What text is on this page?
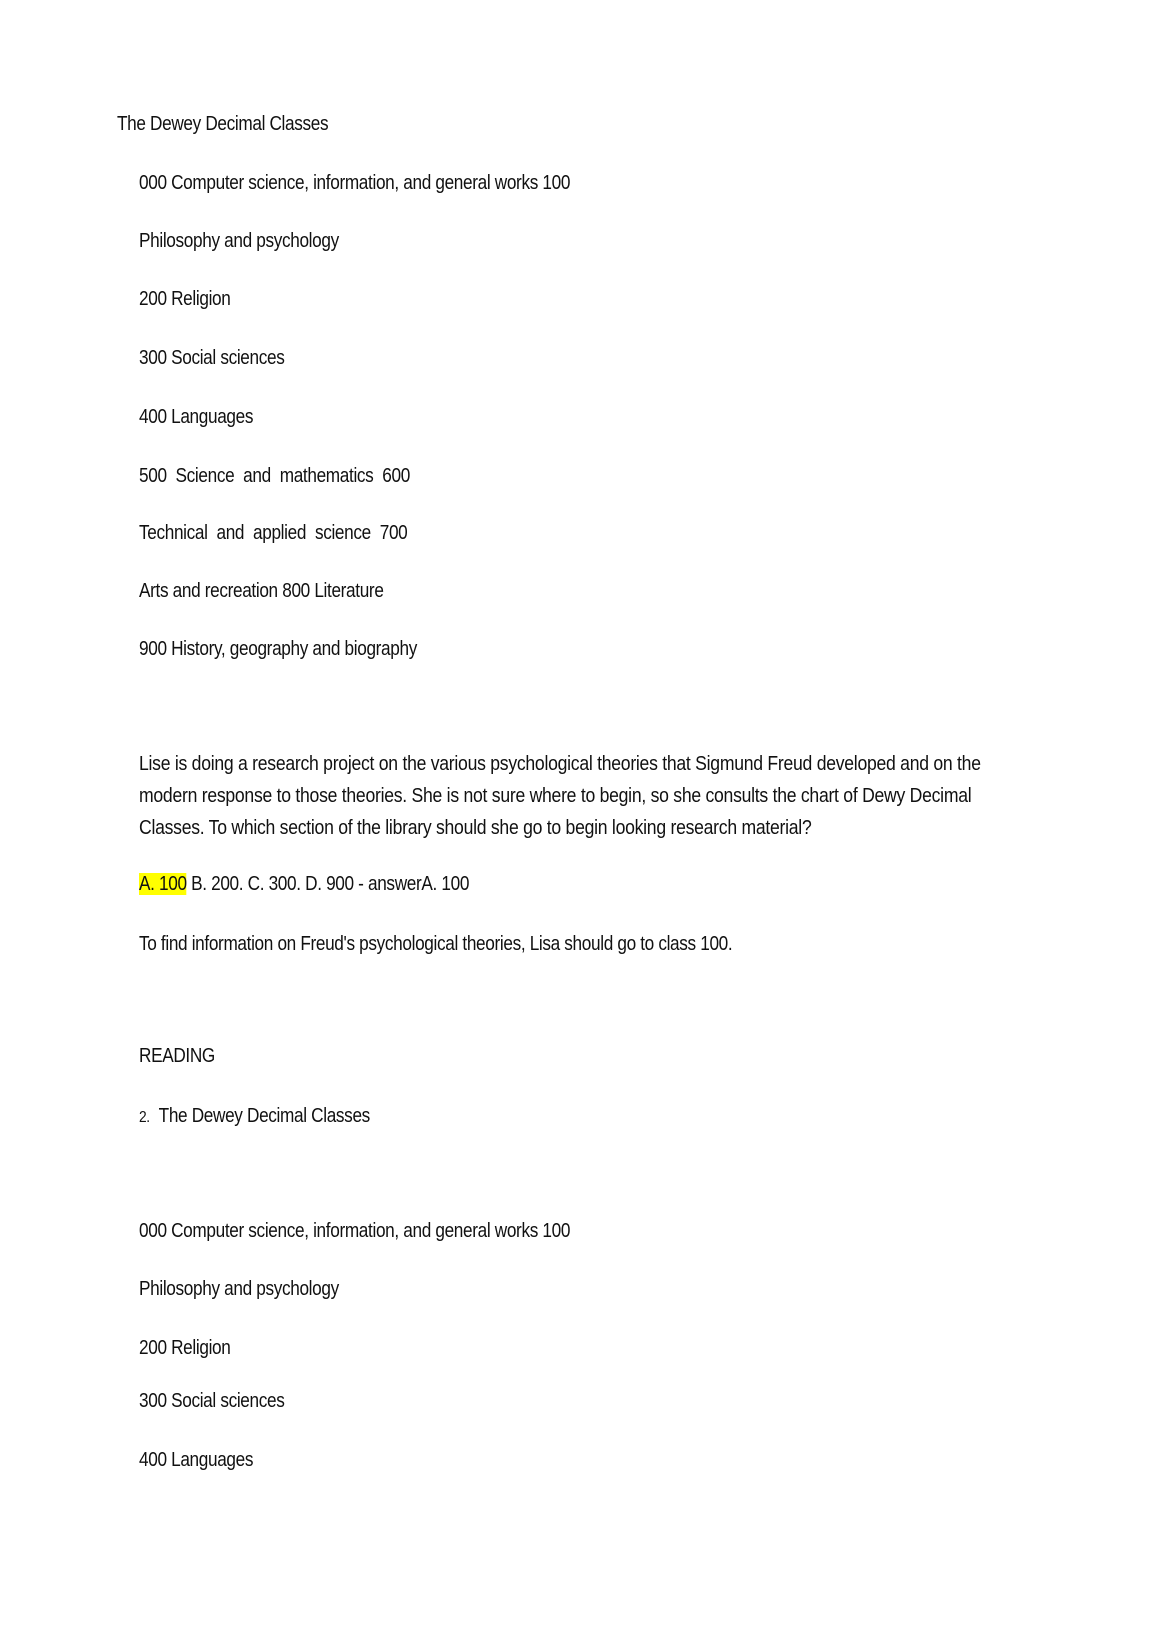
The Dewey Decimal Classes
000 Computer science, information, and general works 100
Philosophy and psychology
200 Religion
300 Social sciences
400 Languages
500  Science  and  mathematics  600
Technical  and  applied  science  700
Arts and recreation 800 Literature
900 History, geography and biography
Lise is doing a research project on the various psychological theories that Sigmund Freud developed and on the modern response to those theories. She is not sure where to begin, so she consults the chart of Dewy Decimal Classes. To which section of the library should she go to begin looking research material?
A. 100 B. 200. C. 300. D. 900 - answerA. 100
To find information on Freud's psychological theories, Lisa should go to class 100.
READING
2. The Dewey Decimal Classes
000 Computer science, information, and general works 100
Philosophy and psychology
200 Religion
300 Social sciences
400 Languages
